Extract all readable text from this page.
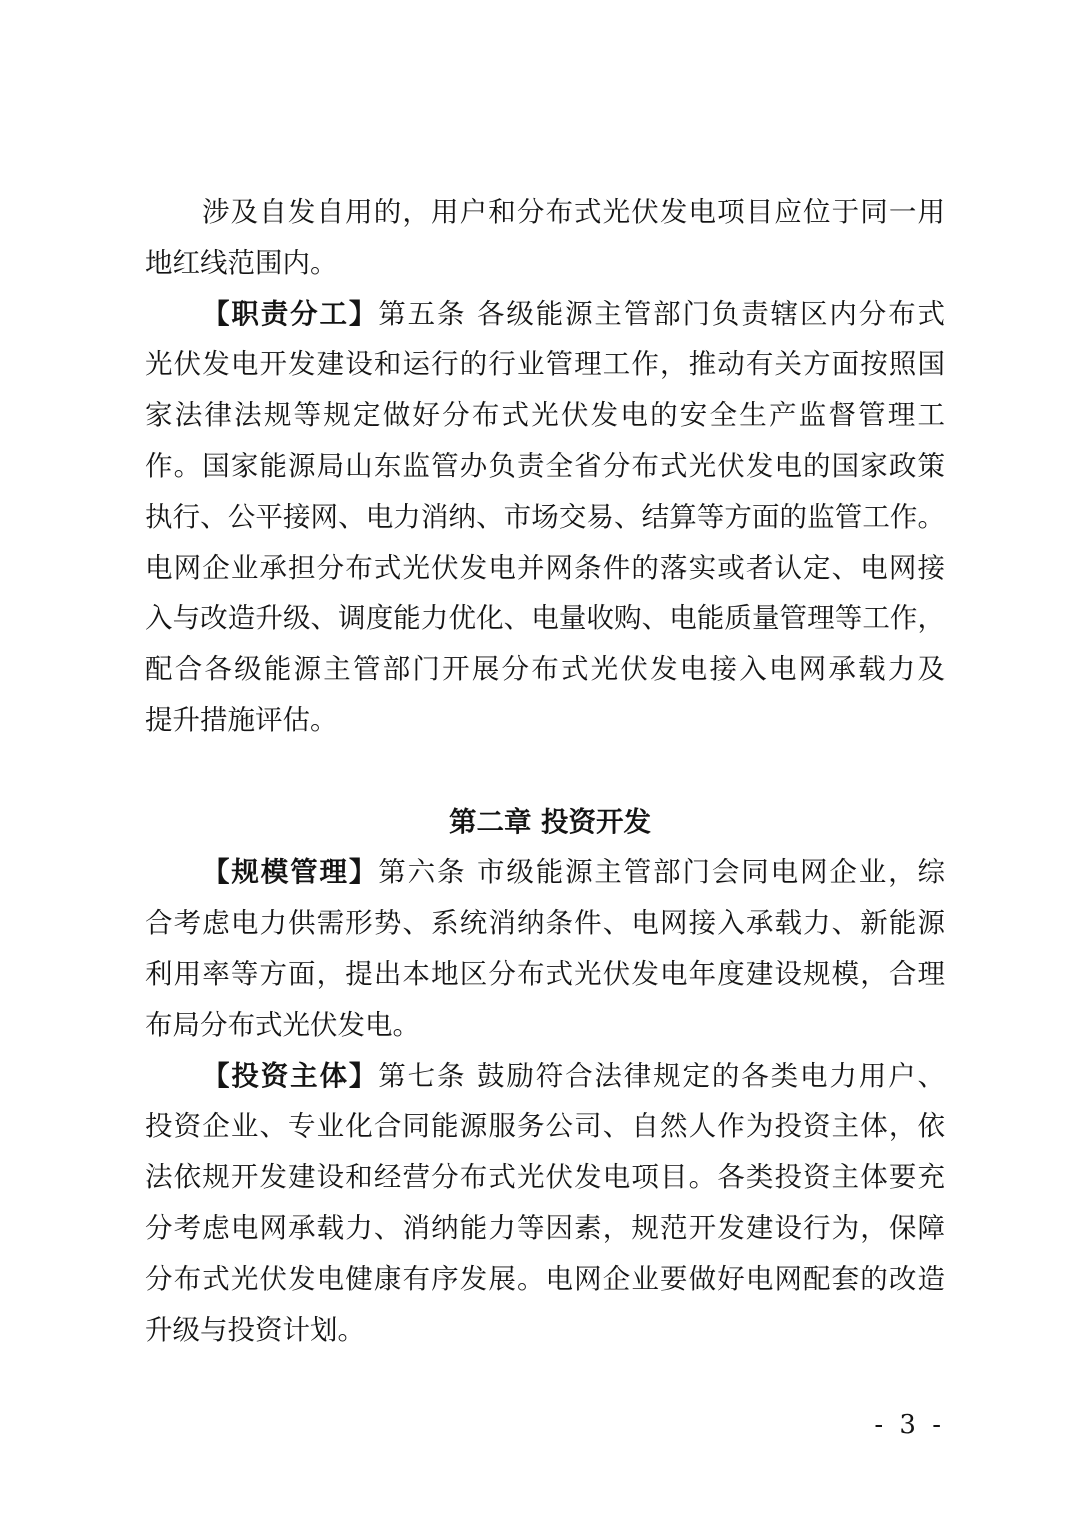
涉及自发自用的，用户和分布式光伏发电项目应位于同一用
地红线范围内。
【职责分工】第五条 各级能源主管部门负责辖区内分布式
光伏发电开发建设和运行的行业管理工作，推动有关方面按照国
家法律法规等规定做好分布式光伏发电的安全生产监督管理工
作。国家能源局山东监管办负责全省分布式光伏发电的国家政策
执行、公平接网、电力消纳、市场交易、结算等方面的监管工作。
电网企业承担分布式光伏发电并网条件的落实或者认定、电网接
入与改造升级、调度能力优化、电量收购、电能质量管理等工作，
配合各级能源主管部门开展分布式光伏发电接入电网承载力及
提升措施评估。
第二章 投资开发
【规模管理】第六条 市级能源主管部门会同电网企业，综
合考虑电力供需形势、系统消纳条件、电网接入承载力、新能源
利用率等方面，提出本地区分布式光伏发电年度建设规模，合理
布局分布式光伏发电。
【投资主体】第七条 鼓励符合法律规定的各类电力用户、
投资企业、专业化合同能源服务公司、自然人作为投资主体，依
法依规开发建设和经营分布式光伏发电项目。各类投资主体要充
分考虑电网承载力、消纳能力等因素，规范开发建设行为，保障
分布式光伏发电健康有序发展。电网企业要做好电网配套的改造
升级与投资计划。
- 3 -
